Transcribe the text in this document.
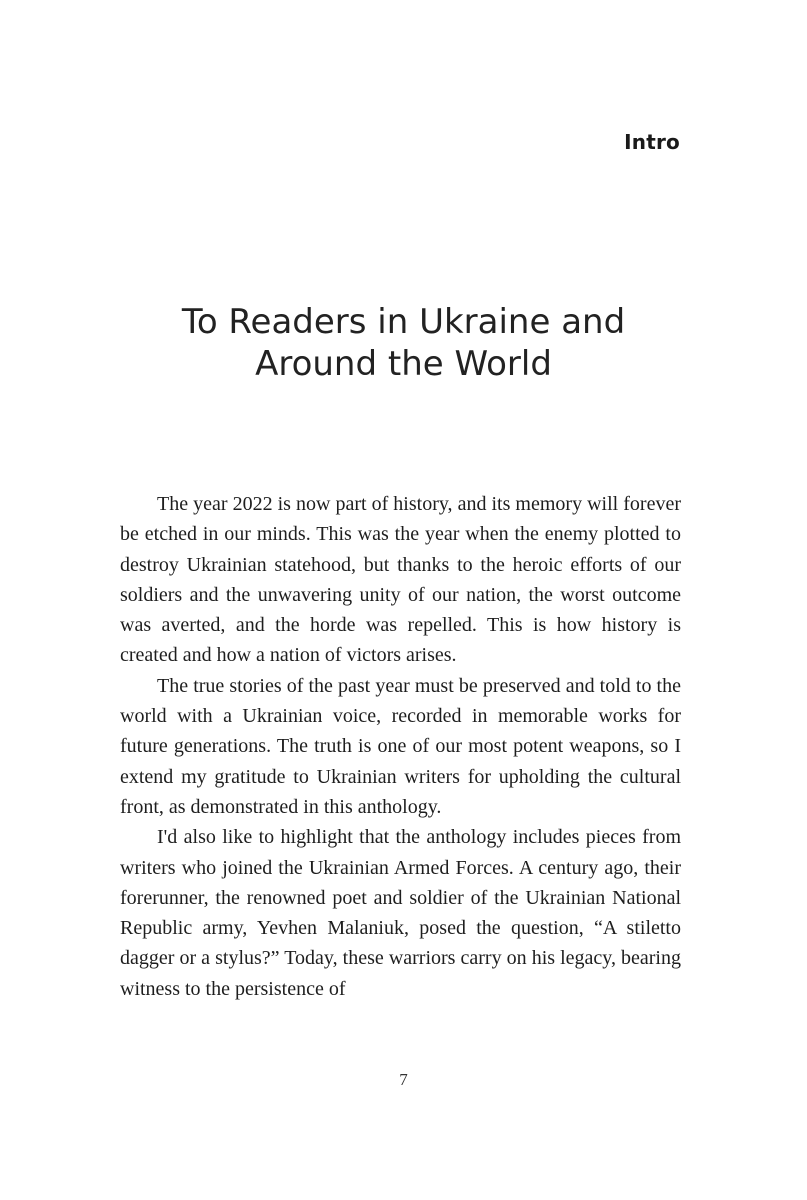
Intro
To Readers in Ukraine and
Around the World

The year 2022 is now part of history, and its memory will forever be etched in our minds. This was the year when the enemy plotted to destroy Ukrainian statehood, but thanks to the heroic efforts of our soldiers and the unwavering unity of our nation, the worst outcome was averted, and the horde was repelled. This is how history is created and how a nation of victors arises.

The true stories of the past year must be preserved and told to the world with a Ukrainian voice, recorded in memorable works for future generations. The truth is one of our most potent weapons, so I extend my gratitude to Ukrainian writers for upholding the cultural front, as demonstrated in this anthology.

I'd also like to highlight that the anthology includes pieces from writers who joined the Ukrainian Armed Forces. A century ago, their forerunner, the renowned poet and soldier of the Ukrainian National Republic army, Yevhen Malaniuk, posed the question, “A stiletto dagger or a stylus?” Today, these warriors carry on his legacy, bearing witness to the persistence of

7
